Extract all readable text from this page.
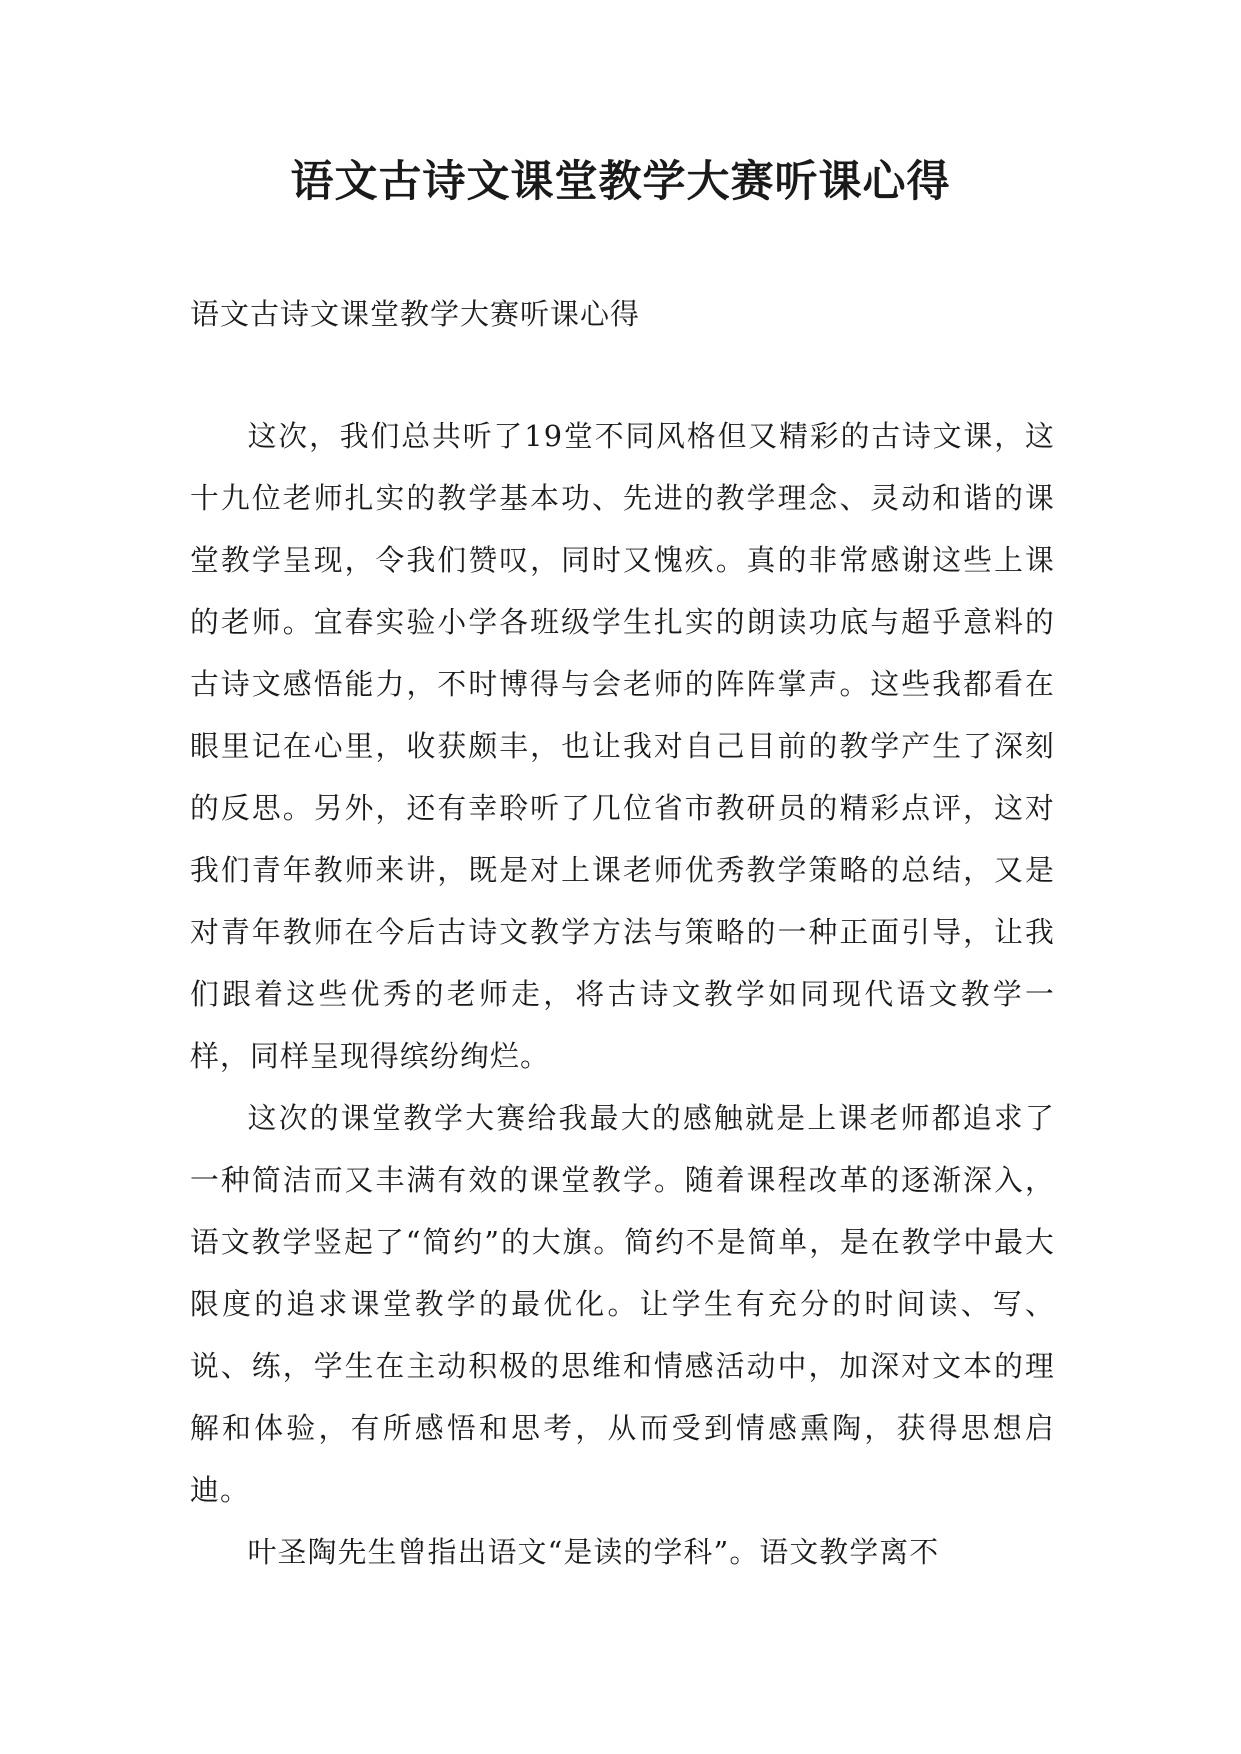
语文古诗文课堂教学大赛听课心得
语文古诗文课堂教学大赛听课心得

这次，我们总共听了19堂不同风格但又精彩的古诗文课，这十九位老师扎实的教学基本功、先进的教学理念、灵动和谐的课堂教学呈现，令我们赞叹，同时又愧疚。真的非常感谢这些上课的老师。宜春实验小学各班级学生扎实的朗读功底与超乎意料的古诗文感悟能力，不时博得与会老师的阵阵掌声。这些我都看在眼里记在心里，收获颇丰，也让我对自己目前的教学产生了深刻的反思。另外，还有幸聆听了几位省市教研员的精彩点评，这对我们青年教师来讲，既是对上课老师优秀教学策略的总结，又是对青年教师在今后古诗文教学方法与策略的一种正面引导，让我们跟着这些优秀的老师走，将古诗文教学如同现代语文教学一样，同样呈现得缤纷绚烂。

这次的课堂教学大赛给我最大的感触就是上课老师都追求了一种简洁而又丰满有效的课堂教学。随着课程改革的逐渐深入，语文教学竖起了“简约”的大旗。简约不是简单，是在教学中最大限度的追求课堂教学的最优化。让学生有充分的时间读、写、说、练，学生在主动积极的思维和情感活动中，加深对文本的理解和体验，有所感悟和思考，从而受到情感熏陶，获得思想启迪。

叶圣陶先生曾指出语文“是读的学科”。语文教学离不
